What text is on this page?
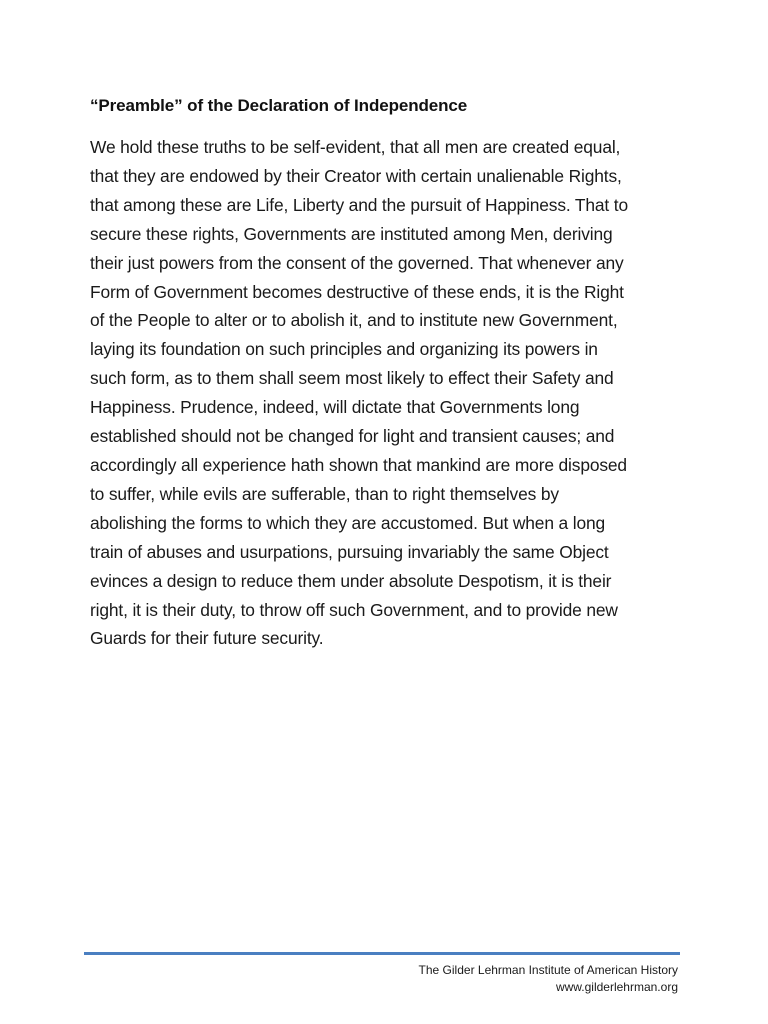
“Preamble” of the Declaration of Independence
We hold these truths to be self-evident, that all men are created equal,
that they are endowed by their Creator with certain unalienable Rights,
that among these are Life, Liberty and the pursuit of Happiness. That to
secure these rights, Governments are instituted among Men, deriving
their just powers from the consent of the governed. That whenever any
Form of Government becomes destructive of these ends, it is the Right
of the People to alter or to abolish it, and to institute new Government,
laying its foundation on such principles and organizing its powers in
such form, as to them shall seem most likely to effect their Safety and
Happiness. Prudence, indeed, will dictate that Governments long
established should not be changed for light and transient causes; and
accordingly all experience hath shown that mankind are more disposed
to suffer, while evils are sufferable, than to right themselves by
abolishing the forms to which they are accustomed. But when a long
train of abuses and usurpations, pursuing invariably the same Object
evinces a design to reduce them under absolute Despotism, it is their
right, it is their duty, to throw off such Government, and to provide new
Guards for their future security.
The Gilder Lehrman Institute of American History
www.gilderlehrman.org
